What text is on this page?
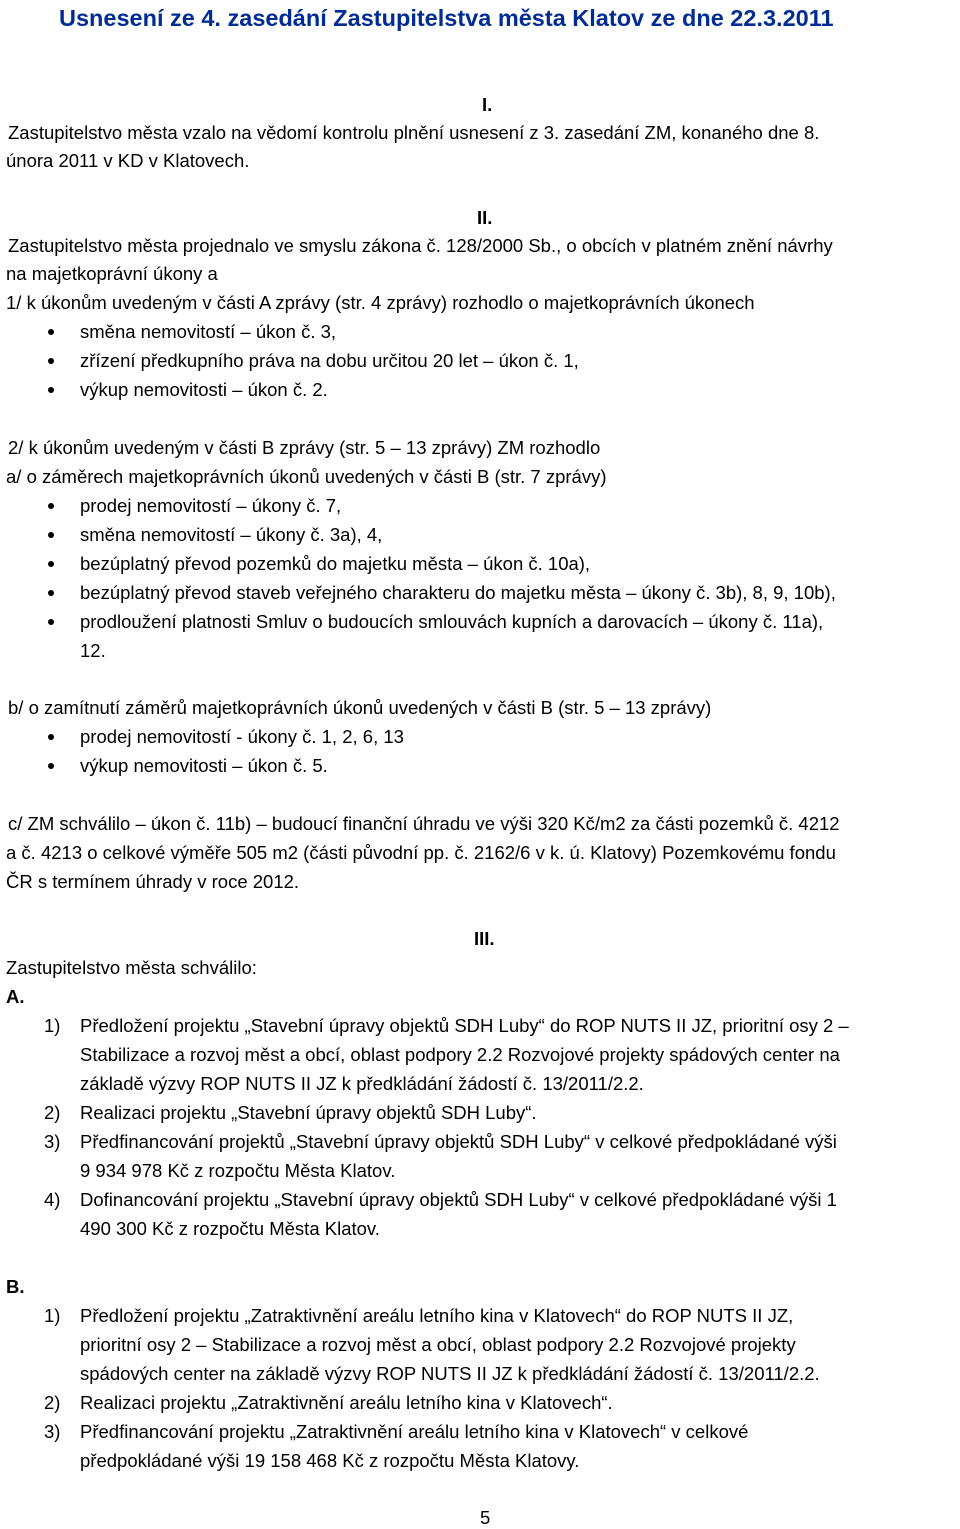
Usnesení ze 4. zasedání Zastupitelstva města Klatov ze dne 22.3.2011
I.
Zastupitelstvo města vzalo na vědomí kontrolu plnění usnesení z 3. zasedání ZM, konaného dne 8.
února 2011 v KD v Klatovech.
II.
Zastupitelstvo města projednalo ve smyslu zákona č. 128/2000 Sb., o obcích v platném znění návrhy
na majetkoprávní úkony a
1/ k úkonům uvedeným v části A zprávy (str. 4 zprávy) rozhodlo o majetkoprávních úkonech
směna nemovitostí – úkon č. 3,
zřízení předkupního práva na dobu určitou 20 let – úkon č. 1,
výkup nemovitosti – úkon č. 2.
2/ k úkonům uvedeným v části B zprávy (str. 5 – 13 zprávy) ZM rozhodlo
a/ o záměrech majetkoprávních úkonů uvedených v části B (str. 7 zprávy)
prodej nemovitostí – úkony č. 7,
směna nemovitostí – úkony č. 3a), 4,
bezúplatný převod pozemků do majetku města – úkon č. 10a),
bezúplatný převod staveb veřejného charakteru do majetku města – úkony č. 3b), 8, 9, 10b),
prodloužení platnosti Smluv o budoucích smlouvách kupních a darovacích – úkony č. 11a),
12.
b/ o zamítnutí záměrů majetkoprávních úkonů uvedených v části B (str. 5 – 13 zprávy)
prodej nemovitostí - úkony č. 1, 2, 6, 13
výkup nemovitosti – úkon č. 5.
c/ ZM schválilo – úkon č. 11b) – budoucí finanční úhradu ve výši 320 Kč/m2 za části pozemků č. 4212
a č. 4213 o celkové výměře 505 m2 (části původní pp. č. 2162/6 v k. ú. Klatovy) Pozemkovému fondu
ČR s termínem úhrady v roce 2012.
III.
Zastupitelstvo města schválilo:
A.
1) Předložení projektu „Stavební úpravy objektů SDH Luby“ do ROP NUTS II JZ, prioritní osy 2 –
Stabilizace a rozvoj měst a obcí, oblast podpory 2.2 Rozvojové projekty spádových center na
základě výzvy ROP NUTS II JZ k předkládání žádostí č. 13/2011/2.2.
2) Realizaci projektu „Stavební úpravy objektů SDH Luby“.
3) Předfinancování projektů „Stavební úpravy objektů SDH Luby“ v celkové předpokládané výši
9 934 978 Kč z rozpočtu Města Klatov.
4) Dofinancování projektu „Stavební úpravy objektů SDH Luby“ v celkové předpokládané výši 1
490 300 Kč z rozpočtu Města Klatov.
B.
1) Předložení projektu „Zatraktivnění areálu letního kina v Klatovech“ do ROP NUTS II JZ,
prioritní osy 2 – Stabilizace a rozvoj měst a obcí, oblast podpory 2.2 Rozvojové projekty
spádových center na základě výzvy ROP NUTS II JZ k předkládání žádostí č. 13/2011/2.2.
2) Realizaci projektu „Zatraktivnění areálu letního kina v Klatovech“.
3) Předfinancování projektu „Zatraktivnění areálu letního kina v Klatovech“ v celkové
předpokládané výši 19 158 468 Kč z rozpočtu Města Klatovy.
5
